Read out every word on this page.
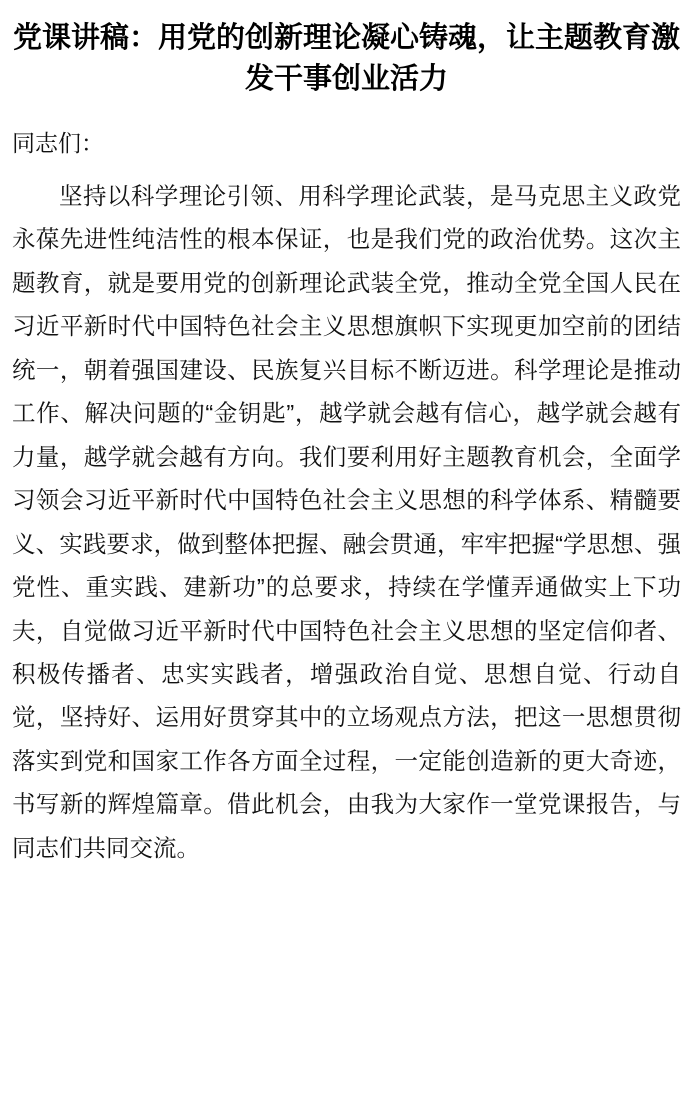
党课讲稿：用党的创新理论凝心铸魂，让主题教育激发干事创业活力

同志们：

坚持以科学理论引领、用科学理论武装，是马克思主义政党永葆先进性纯洁性的根本保证，也是我们党的政治优势。这次主题教育，就是要用党的创新理论武装全党，推动全党全国人民在习近平新时代中国特色社会主义思想旗帜下实现更加空前的团结统一，朝着强国建设、民族复兴目标不断迈进。科学理论是推动工作、解决问题的“金钥匙”，越学就会越有信心，越学就会越有力量，越学就会越有方向。我们要利用好主题教育机会，全面学习领会习近平新时代中国特色社会主义思想的科学体系、精髓要义、实践要求，做到整体把握、融会贯通，牢牢把握“学思想、强党性、重实践、建新功”的总要求，持续在学懂弄通做实上下功夫，自觉做习近平新时代中国特色社会主义思想的坚定信仰者、积极传播者、忠实实践者，增强政治自觉、思想自觉、行动自觉，坚持好、运用好贯穿其中的立场观点方法，把这一思想贯彻落实到党和国家工作各方面全过程，一定能创造新的更大奇迹，书写新的辉煌篇章。借此机会，由我为大家作一堂党课报告，与同志们共同交流。
